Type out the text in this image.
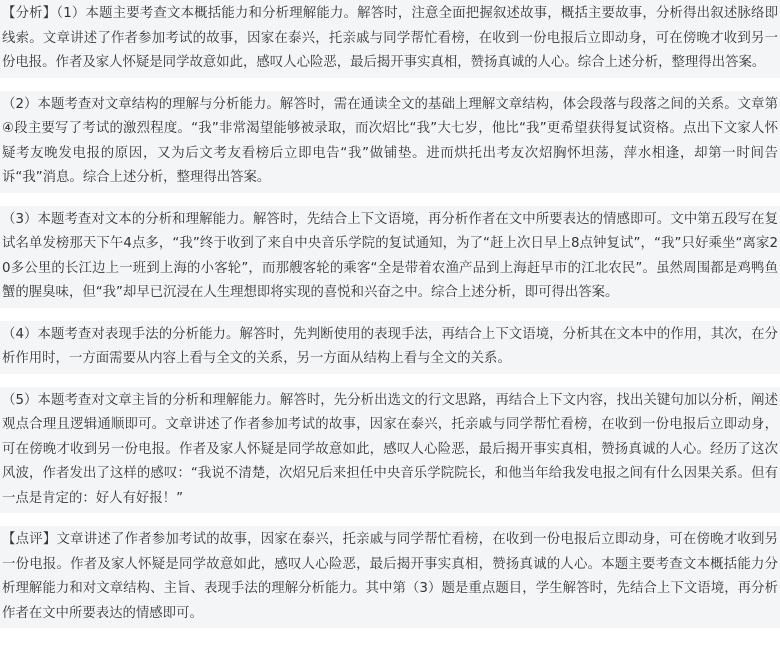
【分析】（1）本题主要考查文本概括能力和分析理解能力。解答时，注意全面把握叙述故事，概括主要故事，分析得出叙述脉络即线索。文章讲述了作者参加考试的故事，因家在泰兴，托亲戚与同学帮忙看榜，在收到一份电报后立即动身，可在傍晚才收到另一份电报。作者及家人怀疑是同学故意如此，感叹人心险恶，最后揭开事实真相，赞扬真诚的人心。综合上述分析，整理得出答案。
（2）本题考查对文章结构的理解与分析能力。解答时，需在通读全文的基础上理解文章结构，体会段落与段落之间的关系。文章第④段主要写了考试的激烈程度。“我”非常渴望能够被录取，而次炤比“我”大七岁，他比“我”更希望获得复试资格。点出下文家人怀疑考友晚发电报的原因，又为后文考友看榜后立即电告“我”做铺垫。进而烘托出考友次炤胸怀坦荡，萍水相逢，却第一时间告诉“我”消息。综合上述分析，整理得出答案。
（3）本题考查对文本的分析和理解能力。解答时，先结合上下文语境，再分析作者在文中所要表达的情感即可。文中第五段写在复试名单发榜那天下午4点多，“我”终于收到了来自中央音乐学院的复试通知，为了“赶上次日早上8点钟复试”，“我”只好乘坐“离家20多公里的长江边上一班到上海的小客轮”，而那艘客轮的乘客“全是带着农渔产品到上海赶早市的江北农民”。虽然周围都是鸡鸭鱼蟹的腥臭味，但“我”却早已沉浸在人生理想即将实现的喜悦和兴奋之中。综合上述分析，即可得出答案。
（4）本题考查对表现手法的分析能力。解答时，先判断使用的表现手法，再结合上下文语境，分析其在文本中的作用，其次，在分析作用时，一方面需要从内容上看与全文的关系，另一方面从结构上看与全文的关系。
（5）本题考查对文章主旨的分析和理解能力。解答时，先分析出选文的行文思路，再结合上下文内容，找出关键句加以分析，阐述观点合理且逻辑通顺即可。文章讲述了作者参加考试的故事，因家在泰兴，托亲戚与同学帮忙看榜，在收到一份电报后立即动身，可在傍晚才收到另一份电报。作者及家人怀疑是同学故意如此，感叹人心险恶，最后揭开事实真相，赞扬真诚的人心。经历了这次风波，作者发出了这样的感叹：“我说不清楚，次炤兄后来担任中央音乐学院院长，和他当年给我发电报之间有什么因果关系。但有一点是肯定的：好人有好报！”
【点评】文章讲述了作者参加考试的故事，因家在泰兴，托亲戚与同学帮忙看榜，在收到一份电报后立即动身，可在傍晚才收到另一份电报。作者及家人怀疑是同学故意如此，感叹人心险恶，最后揭开事实真相，赞扬真诚的人心。本题主要考查文本概括能力分析理解能力和对文章结构、主旨、表现手法的理解分析能力。其中第（3）题是重点题目，学生解答时，先结合上下文语境，再分析作者在文中所要表达的情感即可。
